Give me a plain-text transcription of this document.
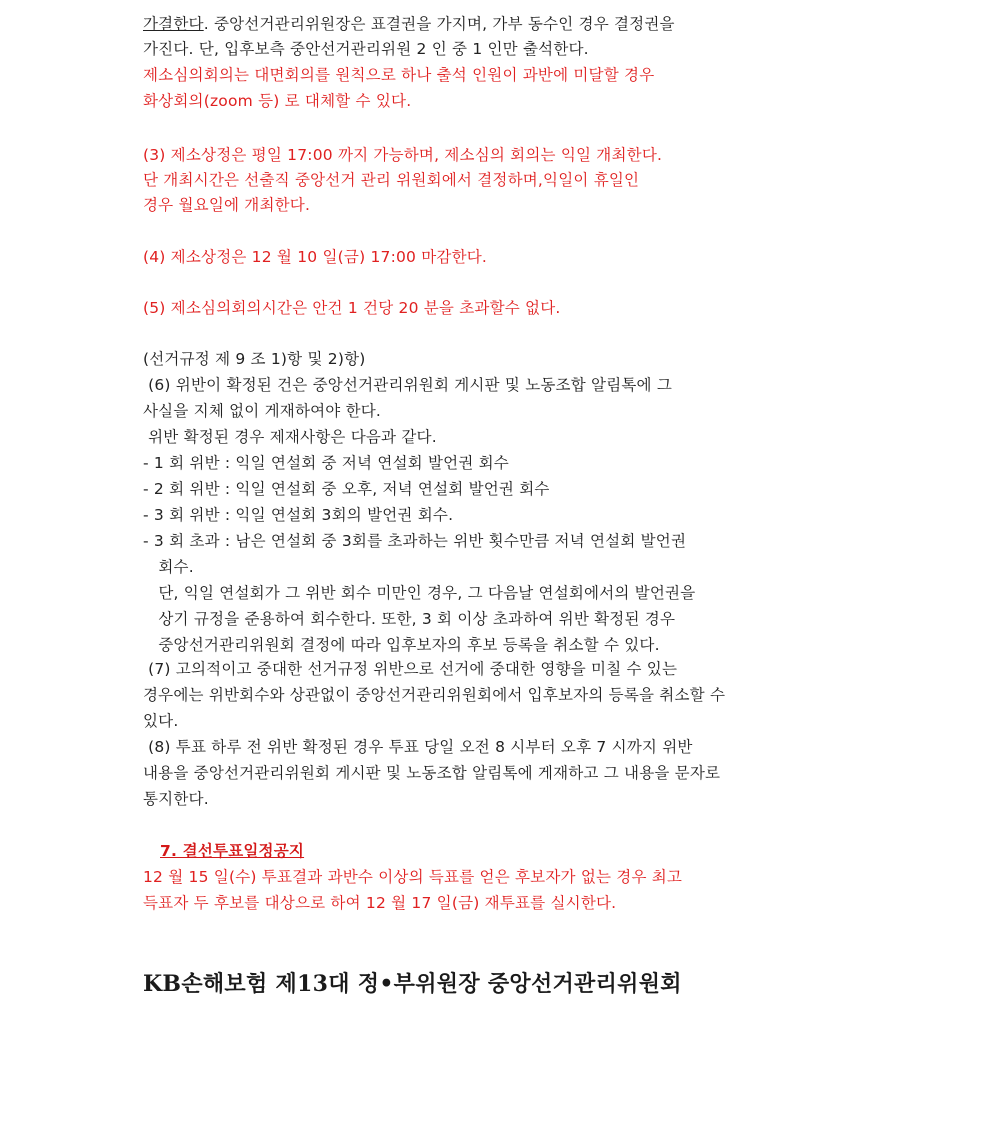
가결한다. 중앙선거관리위원장은 표결권을 가지며, 가부 동수인 경우 결정권을
가진다. 단, 입후보측 중안선거관리위원 2 인 중 1 인만 출석한다.
제소심의회의는 대면회의를 원칙으로 하나 출석 인원이 과반에 미달할 경우
화상회의(zoom 등) 로 대체할 수 있다.
(3) 제소상정은 평일 17:00 까지 가능하며, 제소심의 회의는 익일 개최한다.
단 개최시간은 선출직 중앙선거 관리 위원회에서 결정하며,익일이 휴일인
경우 월요일에 개최한다.
(4) 제소상정은 12 월 10 일(금) 17:00 마감한다.
(5) 제소심의회의시간은 안건 1 건당 20 분을 초과할수 없다.
(선거규정 제 9 조 1)항 및 2)항)
(6) 위반이 확정된 건은 중앙선거관리위원회 게시판 및 노동조합 알림톡에 그
사실을 지체 없이 게재하여야 한다.
위반 확정된 경우 제재사항은 다음과 같다.
- 1 회 위반 : 익일 연설회 중 저녁 연설회 발언권 회수
- 2 회 위반 : 익일 연설회 중 오후, 저녁 연설회 발언권 회수
- 3 회 위반 : 익일 연설회 3회의 발언권 회수.
- 3 회 초과 : 남은 연설회 중 3회를 초과하는 위반 횟수만큼 저녁 연설회 발언권
회수.
단, 익일 연설회가 그 위반 회수 미만인 경우, 그 다음날 연설회에서의 발언권을
상기 규정을 준용하여 회수한다. 또한, 3 회 이상 초과하여 위반 확정된 경우
중앙선거관리위원회 결정에 따라 입후보자의 후보 등록을 취소할 수 있다.
(7) 고의적이고 중대한 선거규정 위반으로 선거에 중대한 영향을 미칠 수 있는
경우에는 위반회수와 상관없이 중앙선거관리위원회에서 입후보자의 등록을 취소할 수
있다.
(8) 투표 하루 전 위반 확정된 경우 투표 당일 오전 8 시부터 오후 7 시까지 위반
내용을 중앙선거관리위원회 게시판 및 노동조합 알림톡에 게재하고 그 내용을 문자로
통지한다.
7. 결선투표일정공지
12 월 15 일(수) 투표결과 과반수 이상의 득표를 얻은 후보자가 없는 경우 최고
득표자 두 후보를 대상으로 하여 12 월 17 일(금) 재투표를 실시한다.
KB손해보험 제13대 정•부위원장 중앙선거관리위원회
